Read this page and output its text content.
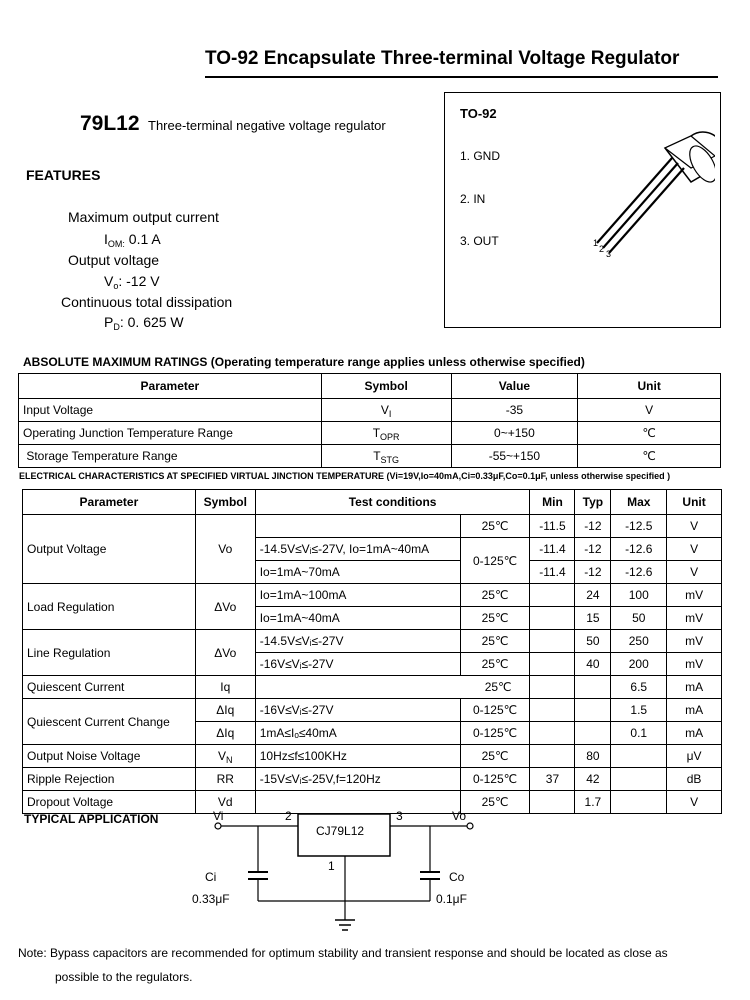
TO-92 Encapsulate Three-terminal Voltage Regulator
79L12 Three-terminal negative voltage regulator
FEATURES
Maximum output current
$I_{OM:}$ 0.1 A
Output voltage
$V_o$: -12 V
Continuous total dissipation
$P_D$: 0. 625 W
TO-92
1. GND
2. IN
3. OUT	1
2 3
ABSOLUTE MAXIMUM RATINGS (Operating temperature range applies unless otherwise specified)
Parameter	Symbol	Value	Unit
Input Voltage	$V_I$	-35	V
Operating Junction Temperature Range	$T_{OPR}$	0~+150	℃
Storage Temperature Range	$T_{STG}$	-55~+150	℃
ELECTRICAL CHARACTERISTICS AT SPECIFIED VIRTUAL JINCTION TEMPERATURE (Vi=19V,Io=40mA,Ci=0.33μF,Co=0.1μF, unless otherwise specified )
Parameter	Symbol	Test conditions		Min	Typ	Max	Unit
Output Voltage	Vo		25℃	-11.5	-12	-12.5	V
		-14.5V≤Vᵢ≤-27V, Io=1mA~40mA	0-125℃	-11.4	-12	-12.6	V
		Io=1mA~70mA		-11.4	-12	-12.6	V
Load Regulation	ΔVo	Io=1mA~100mA	25℃		24	100	mV
		Io=1mA~40mA	25℃		15	50	mV
Line Regulation	ΔVo	-14.5V≤Vᵢ≤-27V	25℃		50	250	mV
		-16V≤Vᵢ≤-27V	25℃		40	200	mV
Quiescent Current	Iq	25℃				6.5	mA
Quiescent Current Change	ΔIq	-16V≤Vᵢ≤-27V	0-125℃			1.5	mA
	ΔIq	1mA≤Iₒ≤40mA	0-125℃			0.1	mA
Output Noise Voltage	$V_N$	10Hz≤f≤100KHz	25℃		80		μV
Ripple Rejection	RR	-15V≤Vᵢ≤-25V,f=120Hz	0-125℃	37	42		dB
Dropout Voltage	Vd		25℃		1.7		V
TYPICAL APPLICATION	Vi
CJ79L12
2	3
1
Vo
Ci
0.33μF
Co
0.1μF
Note: Bypass capacitors are recommended for optimum stability and transient response and should be located as close as
possible to the regulators.
